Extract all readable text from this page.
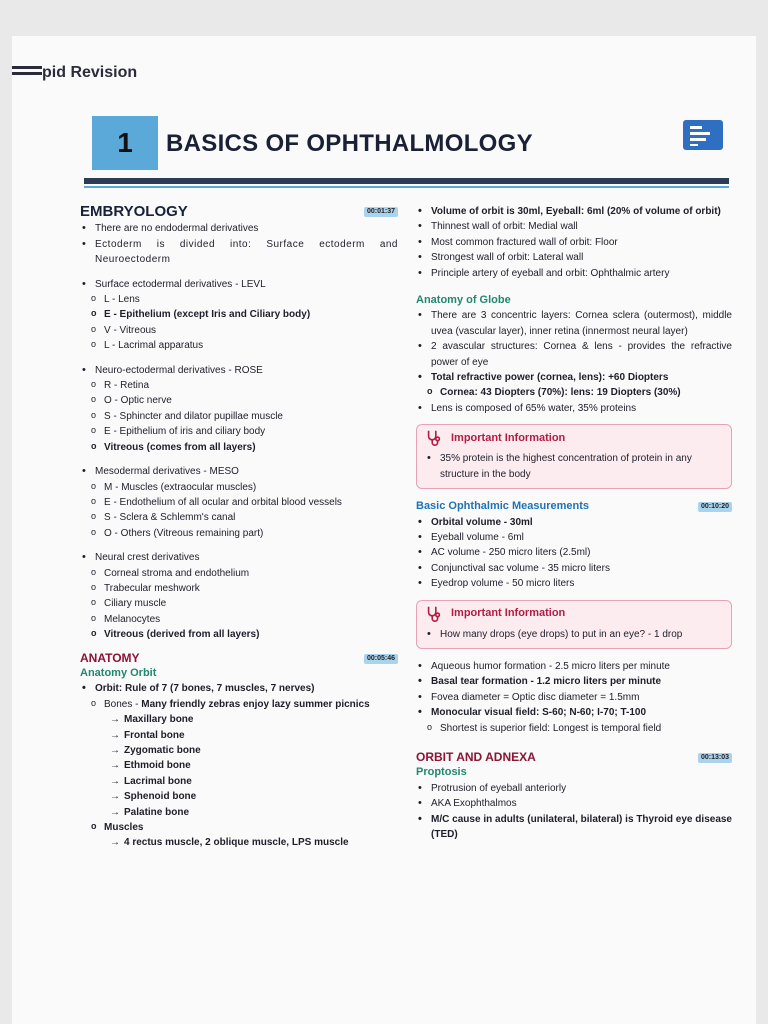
pid Revision
1	BASICS OF OPHTHALMOLOGY
EMBRYOLOGY	00:01:37
• There are no endodermal derivatives
• Ectoderm is divided into: Surface ectoderm and Neuroectoderm
• Surface ectodermal derivatives - LEVL
o L - Lens
o E - Epithelium (except Iris and Ciliary body)
o V - Vitreous
o L - Lacrimal apparatus
• Neuro-ectodermal derivatives - ROSE
o R - Retina
o O - Optic nerve
o S - Sphincter and dilator pupillae muscle
o E - Epithelium of iris and ciliary body
o Vitreous (comes from all layers)
• Mesodermal derivatives - MESO
o M - Muscles (extraocular muscles)
o E - Endothelium of all ocular and orbital blood vessels
o S - Sclera & Schlemm's canal
o O - Others (Vitreous remaining part)
• Neural crest derivatives
o Corneal stroma and endothelium
o Trabecular meshwork
o Ciliary muscle
o Melanocytes
o Vitreous (derived from all layers)
ANATOMY	00:05:46
Anatomy Orbit
• Orbit: Rule of 7 (7 bones, 7 muscles, 7 nerves)
o Bones - Many friendly zebras enjoy lazy summer picnics
→ Maxillary bone
→ Frontal bone
→ Zygomatic bone
→ Ethmoid bone
→ Lacrimal bone
→ Sphenoid bone
→ Palatine bone
o Muscles
→ 4 rectus muscle, 2 oblique muscle, LPS muscle
• Volume of orbit is 30ml, Eyeball: 6ml (20% of volume of orbit)
• Thinnest wall of orbit: Medial wall
• Most common fractured wall of orbit: Floor
• Strongest wall of orbit: Lateral wall
• Principle artery of eyeball and orbit: Ophthalmic artery
Anatomy of Globe
• There are 3 concentric layers: Cornea sclera (outermost), middle uvea (vascular layer), inner retina (innermost neural layer)
• 2 avascular structures: Cornea & lens - provides the refractive power of eye
• Total refractive power (cornea, lens): +60 Diopters
o Cornea: 43 Diopters (70%): lens: 19 Diopters (30%)
• Lens is composed of 65% water, 35% proteins
Important Information
• 35% protein is the highest concentration of protein in any structure in the body
Basic Ophthalmic Measurements	00:10:20
• Orbital volume - 30ml
• Eyeball volume - 6ml
• AC volume - 250 micro liters (2.5ml)
• Conjunctival sac volume - 35 micro liters
• Eyedrop volume - 50 micro liters
Important Information
• How many drops (eye drops) to put in an eye? - 1 drop
• Aqueous humor formation - 2.5 micro liters per minute
• Basal tear formation - 1.2 micro liters per minute
• Fovea diameter = Optic disc diameter = 1.5mm
• Monocular visual field: S-60; N-60; I-70; T-100
o Shortest is superior field: Longest is temporal field
ORBIT AND ADNEXA	00:13:03
Proptosis
• Protrusion of eyeball anteriorly
• AKA Exophthalmos
• M/C cause in adults (unilateral, bilateral) is Thyroid eye disease (TED)
